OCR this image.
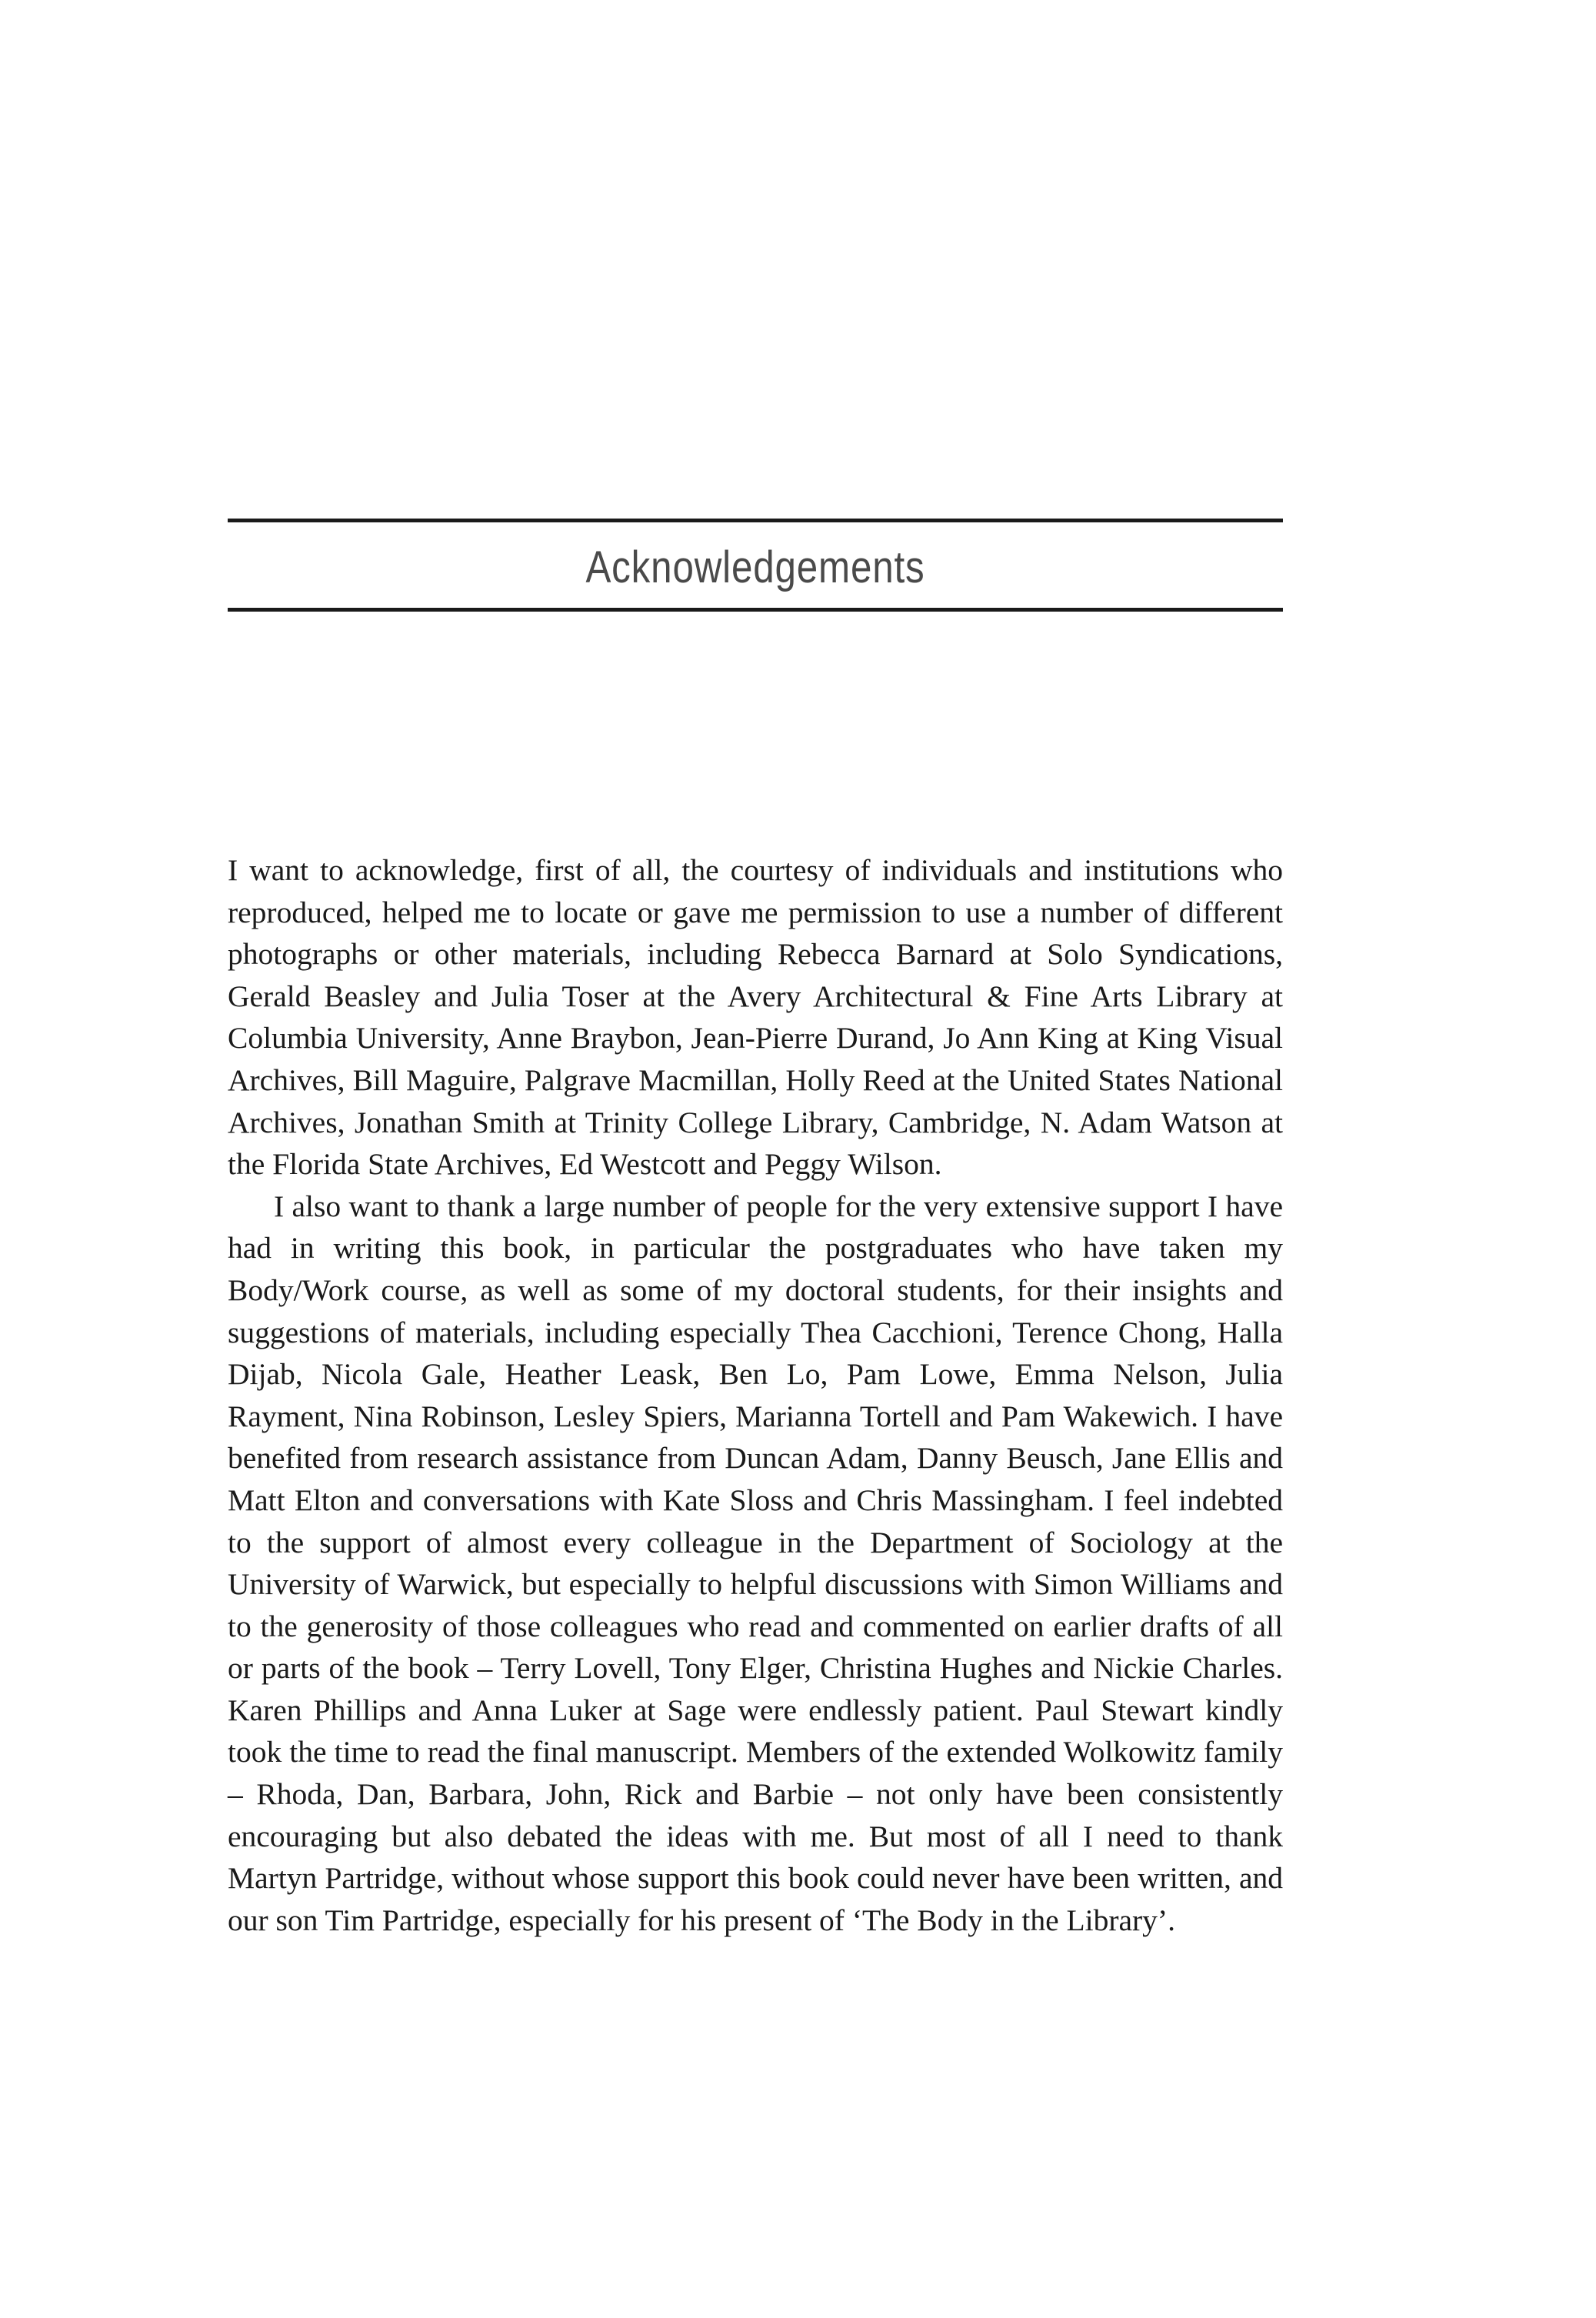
Acknowledgements

I want to acknowledge, first of all, the courtesy of individuals and institutions who reproduced, helped me to locate or gave me permission to use a number of different photographs or other materials, including Rebecca Barnard at Solo Syndications, Gerald Beasley and Julia Toser at the Avery Architectural & Fine Arts Library at Columbia University, Anne Braybon, Jean-Pierre Durand, Jo Ann King at King Visual Archives, Bill Maguire, Palgrave Macmillan, Holly Reed at the United States National Archives, Jonathan Smith at Trinity College Library, Cambridge, N. Adam Watson at the Florida State Archives, Ed Westcott and Peggy Wilson.

I also want to thank a large number of people for the very extensive support I have had in writing this book, in particular the postgraduates who have taken my Body/Work course, as well as some of my doctoral students, for their insights and suggestions of materials, including especially Thea Cacchioni, Terence Chong, Halla Dijab, Nicola Gale, Heather Leask, Ben Lo, Pam Lowe, Emma Nelson, Julia Rayment, Nina Robinson, Lesley Spiers, Marianna Tortell and Pam Wakewich. I have benefited from research assistance from Duncan Adam, Danny Beusch, Jane Ellis and Matt Elton and conversations with Kate Sloss and Chris Massingham. I feel indebted to the support of almost every colleague in the Department of Sociology at the University of Warwick, but especially to helpful discussions with Simon Williams and to the generosity of those colleagues who read and commented on earlier drafts of all or parts of the book – Terry Lovell, Tony Elger, Christina Hughes and Nickie Charles. Karen Phillips and Anna Luker at Sage were endlessly patient. Paul Stewart kindly took the time to read the final manuscript. Members of the extended Wolkowitz family – Rhoda, Dan, Barbara, John, Rick and Barbie – not only have been consistently encouraging but also debated the ideas with me. But most of all I need to thank Martyn Partridge, without whose support this book could never have been written, and our son Tim Partridge, especially for his present of ‘The Body in the Library’.
